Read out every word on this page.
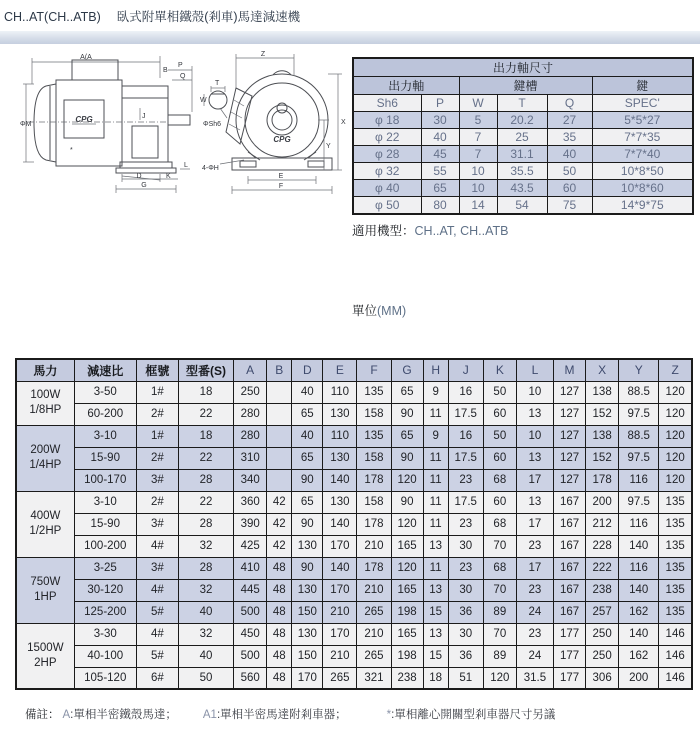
CH..AT(CH..ATB) 臥式附單相鐵殼(剎車)馬達減速機
A(A
B
P
Q
ΦM
CPG
*
J
D
G
K
L
T
W
ΦSh6
CPG
Z
X
Y
E
F
4-ΦH
出力軸尺寸					
出力軸		鍵槽			鍵
Sh6	P	W	T	Q	SPEC'
φ 18	30	5	20.2	27	5*5*27
φ 22	40	7	25	35	7*7*35
φ 28	45	7	31.1	40	7*7*40
φ 32	55	10	35.5	50	10*8*50
φ 40	65	10	43.5	60	10*8*60
φ 50	80	14	54	75	14*9*75
適用機型：CH..AT, CH..ATB
單位(MM)
馬力	減速比	框號	型番(S)	A	B	D	E	F	G	H	J	K	L	M	X	Y	Z
100W
1/8HP	3-50	1#	18	250		40	110	135	65	9	16	50	10	127	138	88.5	120
	60-200	2#	22	280		65	130	158	90	11	17.5	60	13	127	152	97.5	120
200W
1/4HP	3-10	1#	18	280		40	110	135	65	9	16	50	10	127	138	88.5	120
	15-90	2#	22	310		65	130	158	90	11	17.5	60	13	127	152	97.5	120
	100-170	3#	28	340		90	140	178	120	11	23	68	17	127	178	116	120
400W
1/2HP	3-10	2#	22	360	42	65	130	158	90	11	17.5	60	13	167	200	97.5	135
	15-90	3#	28	390	42	90	140	178	120	11	23	68	17	167	212	116	135
	100-200	4#	32	425	42	130	170	210	165	13	30	70	23	167	228	140	135
750W
1HP	3-25	3#	28	410	48	90	140	178	120	11	23	68	17	167	222	116	135
	30-120	4#	32	445	48	130	170	210	165	13	30	70	23	167	238	140	135
	125-200	5#	40	500	48	150	210	265	198	15	36	89	24	167	257	162	135
1500W
2HP	3-30	4#	32	450	48	130	170	210	165	13	30	70	23	177	250	140	146
	40-100	5#	40	500	48	150	210	265	198	15	36	89	24	177	250	162	146
	105-120	6#	50	560	48	170	265	321	238	18	51	120	31.5	177	306	200	146
備註： A:單相半密鐵殼馬達； A1:單相半密馬達附剎車器；	*:單相離心開關型剎車器尺寸另議
